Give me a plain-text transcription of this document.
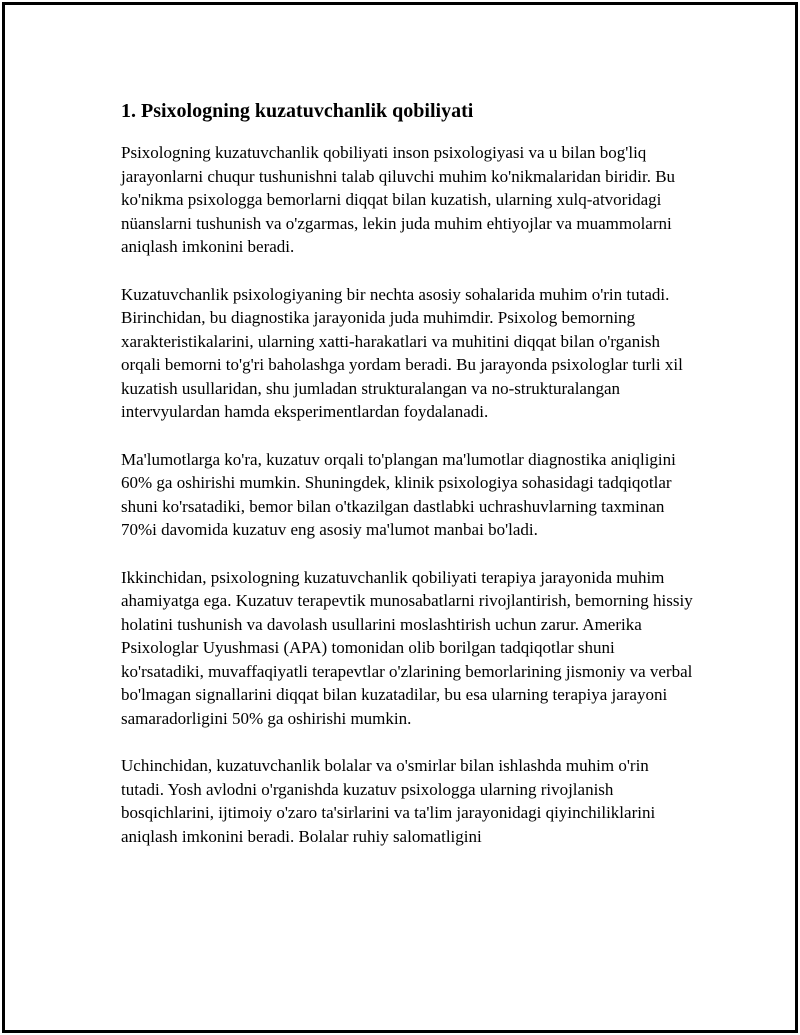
1. Psixologning kuzatuvchanlik qobiliyati

Psixologning kuzatuvchanlik qobiliyati inson psixologiyasi va u bilan bog'liq jarayonlarni chuqur tushunishni talab qiluvchi muhim ko'nikmalaridan biridir. Bu ko'nikma psixologga bemorlarni diqqat bilan kuzatish, ularning xulq-atvoridagi nüanslarni tushunish va o'zgarmas, lekin juda muhim ehtiyojlar va muammolarni aniqlash imkonini beradi.

Kuzatuvchanlik psixologiyaning bir nechta asosiy sohalarida muhim o'rin tutadi. Birinchidan, bu diagnostika jarayonida juda muhimdir. Psixolog bemorning xarakteristikalarini, ularning xatti-harakatlari va muhitini diqqat bilan o'rganish orqali bemorni to'g'ri baholashga yordam beradi. Bu jarayonda psixologlar turli xil kuzatish usullaridan, shu jumladan strukturalangan va no-strukturalangan intervyulardan hamda eksperimentlardan foydalanadi.

Ma'lumotlarga ko'ra, kuzatuv orqali to'plangan ma'lumotlar diagnostika aniqligini 60% ga oshirishi mumkin. Shuningdek, klinik psixologiya sohasidagi tadqiqotlar shuni ko'rsatadiki, bemor bilan o'tkazilgan dastlabki uchrashuvlarning taxminan 70%i davomida kuzatuv eng asosiy ma'lumot manbai bo'ladi.

Ikkinchidan, psixologning kuzatuvchanlik qobiliyati terapiya jarayonida muhim ahamiyatga ega. Kuzatuv terapevtik munosabatlarni rivojlantirish, bemorning hissiy holatini tushunish va davolash usullarini moslashtirish uchun zarur. Amerika Psixologlar Uyushmasi (APA) tomonidan olib borilgan tadqiqotlar shuni ko'rsatadiki, muvaffaqiyatli terapevtlar o'zlarining bemorlarining jismoniy va verbal bo'lmagan signallarini diqqat bilan kuzatadilar, bu esa ularning terapiya jarayoni samaradorligini 50% ga oshirishi mumkin.

Uchinchidan, kuzatuvchanlik bolalar va o'smirlar bilan ishlashda muhim o'rin tutadi. Yosh avlodni o'rganishda kuzatuv psixologga ularning rivojlanish bosqichlarini, ijtimoiy o'zaro ta'sirlarini va ta'lim jarayonidagi qiyinchiliklarini aniqlash imkonini beradi. Bolalar ruhiy salomatligini
